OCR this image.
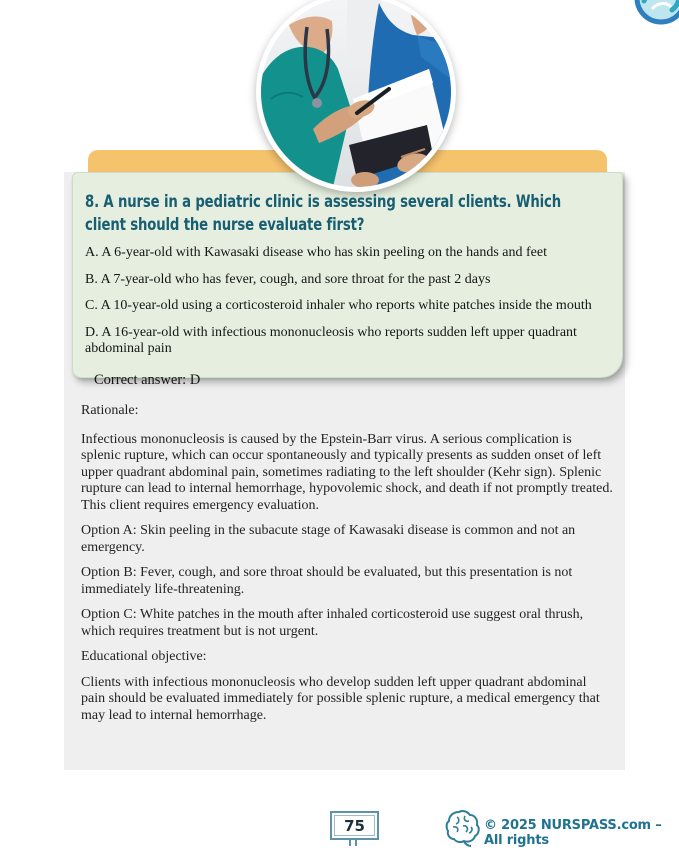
8. A nurse in a pediatric clinic is assessing several clients. Which
client should the nurse evaluate first?

A. A 6-year-old with Kawasaki disease who has skin peeling on the hands and feet

B. A 7-year-old who has fever, cough, and sore throat for the past 2 days

C. A 10-year-old using a corticosteroid inhaler who reports white patches inside the mouth

D. A 16-year-old with infectious mononucleosis who reports sudden left upper quadrant abdominal pain

Correct answer: D

Rationale:

Infectious mononucleosis is caused by the Epstein-Barr virus. A serious complication is splenic rupture, which can occur spontaneously and typically presents as sudden onset of left upper quadrant abdominal pain, sometimes radiating to the left shoulder (Kehr sign). Splenic rupture can lead to internal hemorrhage, hypovolemic shock, and death if not promptly treated. This client requires emergency evaluation.

Option A: Skin peeling in the subacute stage of Kawasaki disease is common and not an emergency.

Option B: Fever, cough, and sore throat should be evaluated, but this presentation is not immediately life-threatening.

Option C: White patches in the mouth after inhaled corticosteroid use suggest oral thrush, which requires treatment but is not urgent.

Educational objective:

Clients with infectious mononucleosis who develop sudden left upper quadrant abdominal pain should be evaluated immediately for possible splenic rupture, a medical emergency that may lead to internal hemorrhage.

75	© 2025 NURSPASS.com – All rights
